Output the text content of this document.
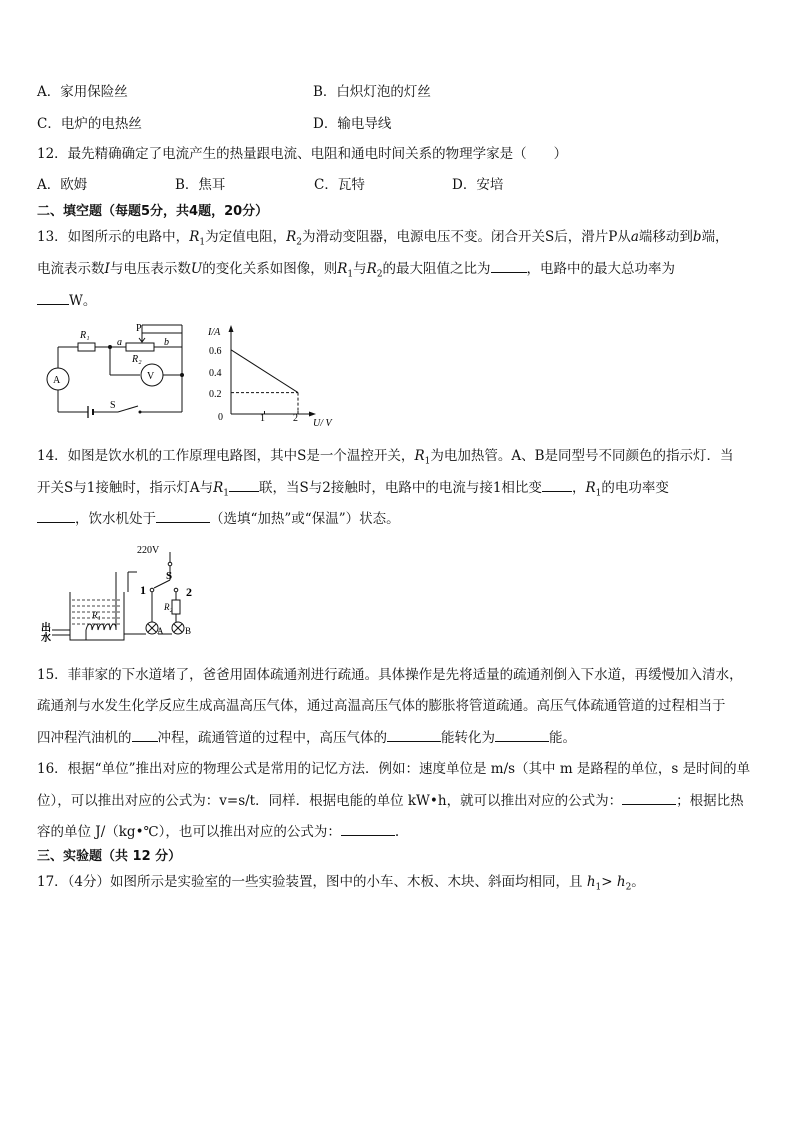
A．家用保险丝	B．白炽灯泡的灯丝
C．电炉的电热丝	D．输电导线
12．最先精确确定了电流产生的热量跟电流、电阻和通电时间关系的物理学家是（　　）
A．欧姆	B．焦耳	C．瓦特	D．安培
二、填空题（每题5分，共4题，20分）
13．如图所示的电路中，$R_1$为定值电阻，$R_2$为滑动变阻器，电源电压不变。闭合开关S后，滑片P从a端移动到b端，
电流表示数I与电压表示数U的变化关系如图像，则$R_1$与$R_2$的最大阻值之比为	，电路中的最大总功率为
W。
R₁
a
P
b
R₂
A	V
S
I/A
U/ V
0.6
0.4
0.2
0	1	2
14．如图是饮水机的工作原理电路图，其中S是一个温控开关，$R_1$为电加热管。A、B是同型号不同颜色的指示灯．当
开关S与1接触时，指示灯A与$R_1$ 联，当S与2接触时，电路中的电流与接1相比变 ，$R_1$的电功率变
，饮水机处于	（选填“加热”或“保温”）状态。
220V
S
1	2
R₁
R₂
A B
出水
15．菲菲家的下水道堵了，爸爸用固体疏通剂进行疏通。具体操作是先将适量的疏通剂倒入下水道，再缓慢加入清水，
疏通剂与水发生化学反应生成高温高压气体，通过高温高压气体的膨胀将管道疏通。高压气体疏通管道的过程相当于
四冲程汽油机的 冲程，疏通管道的过程中，高压气体的	能转化为	能。
16．根据“单位”推出对应的物理公式是常用的记忆方法．例如：速度单位是 m/s（其中 m 是路程的单位，s 是时间的单
位），可以推出对应的公式为：v=s/t．同样．根据电能的单位 kW•h，就可以推出对应的公式为：	；根据比热
容的单位 J/（kg•℃），也可以推出对应的公式为：	.
三、实验题（共 12 分）
17．（4分）如图所示是实验室的一些实验装置，图中的小车、木板、木块、斜面均相同，且 $h_1> h_2$。
